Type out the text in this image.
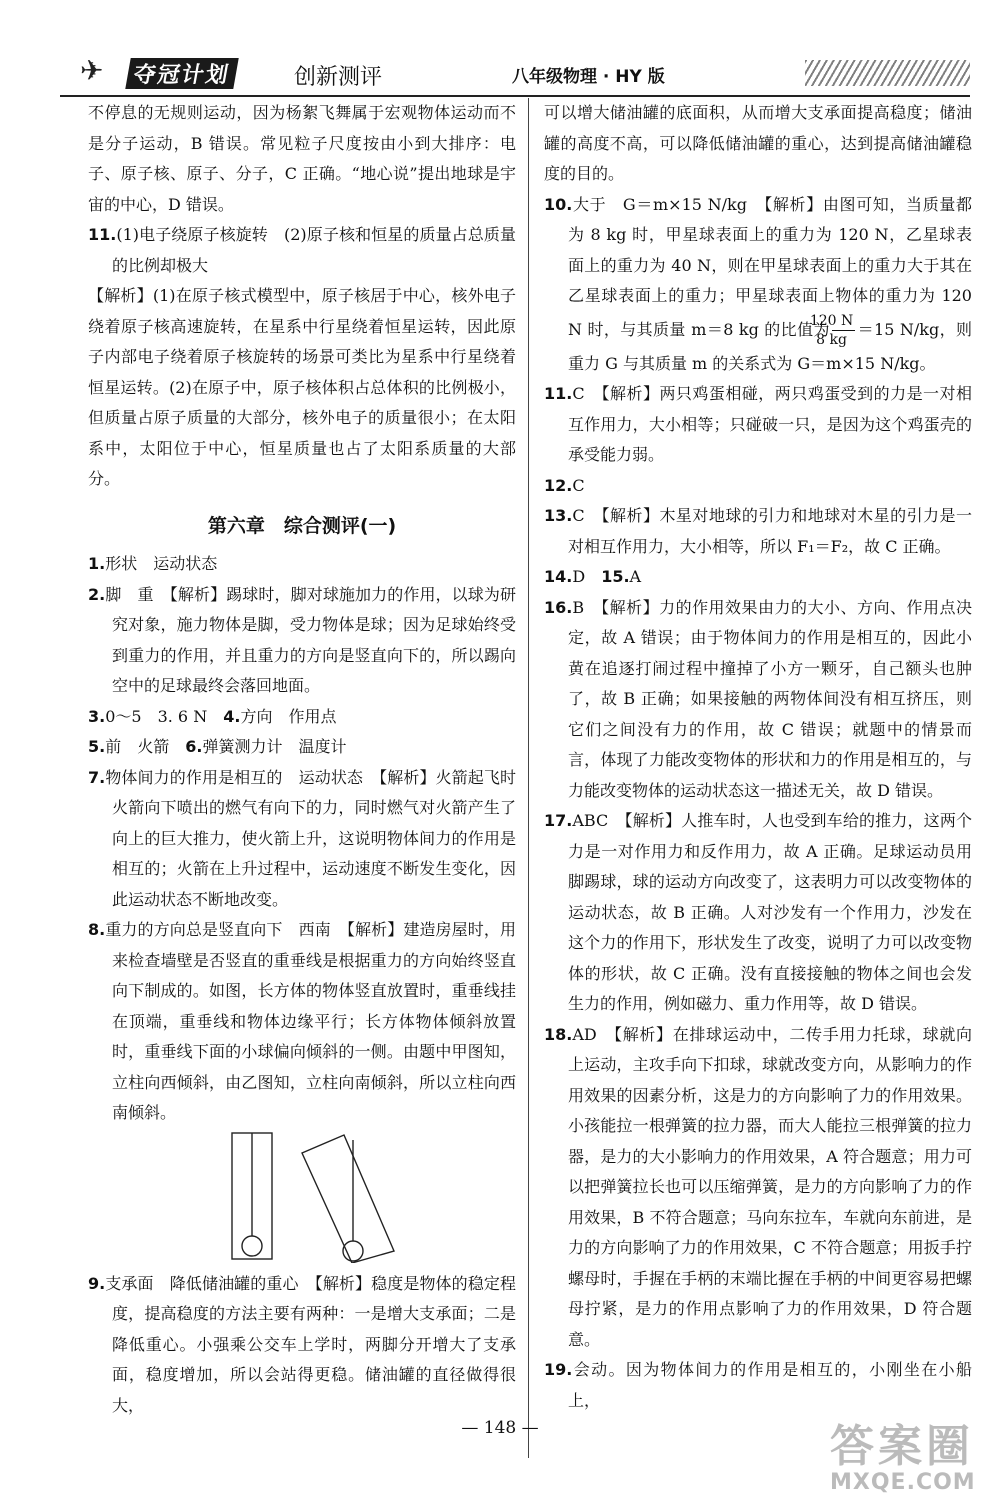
✈ 夺冠计划	创新测评	八年级物理 · HY 版

不停息的无规则运动，因为杨絮飞舞属于宏观物体运动而不是分子运动，B 错误。常见粒子尺度按由小到大排序：电子、原子核、原子、分子，C 正确。“地心说”提出地球是宇宙的中心，D 错误。

11.(1)电子绕原子核旋转　(2)原子核和恒星的质量占总质量的比例却极大

【解析】(1)在原子核式模型中，原子核居于中心，核外电子绕着原子核高速旋转，在星系中行星绕着恒星运转，因此原子内部电子绕着原子核旋转的场景可类比为星系中行星绕着恒星运转。(2)在原子中，原子核体积占总体积的比例极小，但质量占原子质量的大部分，核外电子的质量很小；在太阳系中，太阳位于中心，恒星质量也占了太阳系质量的大部分。

第六章　综合测评(一)

1.形状　运动状态

2.脚　重　【解析】踢球时，脚对球施加力的作用，以球为研究对象，施力物体是脚，受力物体是球；因为足球始终受到重力的作用，并且重力的方向是竖直向下的，所以踢向空中的足球最终会落回地面。

3.0～5　3. 6 N　 4.方向　作用点

5.前　火箭　 6.弹簧测力计　温度计

7.物体间力的作用是相互的　运动状态　【解析】火箭起飞时火箭向下喷出的燃气有向下的力，同时燃气对火箭产生了向上的巨大推力，使火箭上升，这说明物体间力的作用是相互的；火箭在上升过程中，运动速度不断发生变化，因此运动状态不断地改变。

8.重力的方向总是竖直向下　西南　【解析】建造房屋时，用来检查墙壁是否竖直的重垂线是根据重力的方向始终竖直向下制成的。如图，长方体的物体竖直放置时，重垂线挂在顶端，重垂线和物体边缘平行；长方体物体倾斜放置时，重垂线下面的小球偏向倾斜的一侧。由题中甲图知，立柱向西倾斜，由乙图知，立柱向南倾斜，所以立柱向西南倾斜。

9.支承面　降低储油罐的重心　【解析】稳度是物体的稳定程度，提高稳度的方法主要有两种：一是增大支承面；二是降低重心。小强乘公交车上学时，两脚分开增大了支承面，稳度增加，所以会站得更稳。储油罐的直径做得很大，

可以增大储油罐的底面积，从而增大支承面提高稳度；储油罐的高度不高，可以降低储油罐的重心，达到提高储油罐稳度的目的。

10.大于　G＝m×15 N/kg　【解析】由图可知，当质量都为 8 kg 时，甲星球表面上的重力为 120 N，乙星球表面上的重力为 40 N，则在甲星球表面上的重力大于其在乙星球表面上的重力；甲星球表面上物体的重力为 120 N 时，与其质量 m＝8 kg 的比值为 $\frac{120 N}{8 kg} =15$ N/kg，则重力 G 与其质量 m 的关系式为 G＝m×15 N/kg。

11.C　【解析】两只鸡蛋相碰，两只鸡蛋受到的力是一对相互作用力，大小相等；只碰破一只，是因为这个鸡蛋壳的承受能力弱。

12.C

13.C　【解析】木星对地球的引力和地球对木星的引力是一对相互作用力，大小相等，所以 F₁＝F₂，故 C 正确。

14.D　 15.A

16.B　【解析】力的作用效果由力的大小、方向、作用点决定，故 A 错误；由于物体间力的作用是相互的，因此小黄在追逐打闹过程中撞掉了小方一颗牙，自己额头也肿了，故 B 正确；如果接触的两物体间没有相互挤压，则它们之间没有力的作用，故 C 错误；就题中的情景而言，体现了力能改变物体的形状和力的作用是相互的，与力能改变物体的运动状态这一描述无关，故 D 错误。

17.ABC　【解析】人推车时，人也受到车给的推力，这两个力是一对作用力和反作用力，故 A 正确。足球运动员用脚踢球，球的运动方向改变了，这表明力可以改变物体的运动状态，故 B 正确。人对沙发有一个作用力，沙发在这个力的作用下，形状发生了改变，说明了力可以改变物体的形状，故 C 正确。没有直接接触的物体之间也会发生力的作用，例如磁力、重力作用等，故 D 错误。

18.AD　【解析】在排球运动中，二传手用力托球，球就向上运动，主攻手向下扣球，球就改变方向，从影响力的作用效果的因素分析，这是力的方向影响了力的作用效果。小孩能拉一根弹簧的拉力器，而大人能拉三根弹簧的拉力器，是力的大小影响力的作用效果，A 符合题意；用力可以把弹簧拉长也可以压缩弹簧，是力的方向影响了力的作用效果，B 不符合题意；马向东拉车，车就向东前进，是力的方向影响了力的作用效果，C 不符合题意；用扳手拧螺母时，手握在手柄的末端比握在手柄的中间更容易把螺母拧紧，是力的作用点影响了力的作用效果，D 符合题意。

19.会动。因为物体间力的作用是相互的，小刚坐在小船上，

— 148 —	答案圈
MXQE.COM
